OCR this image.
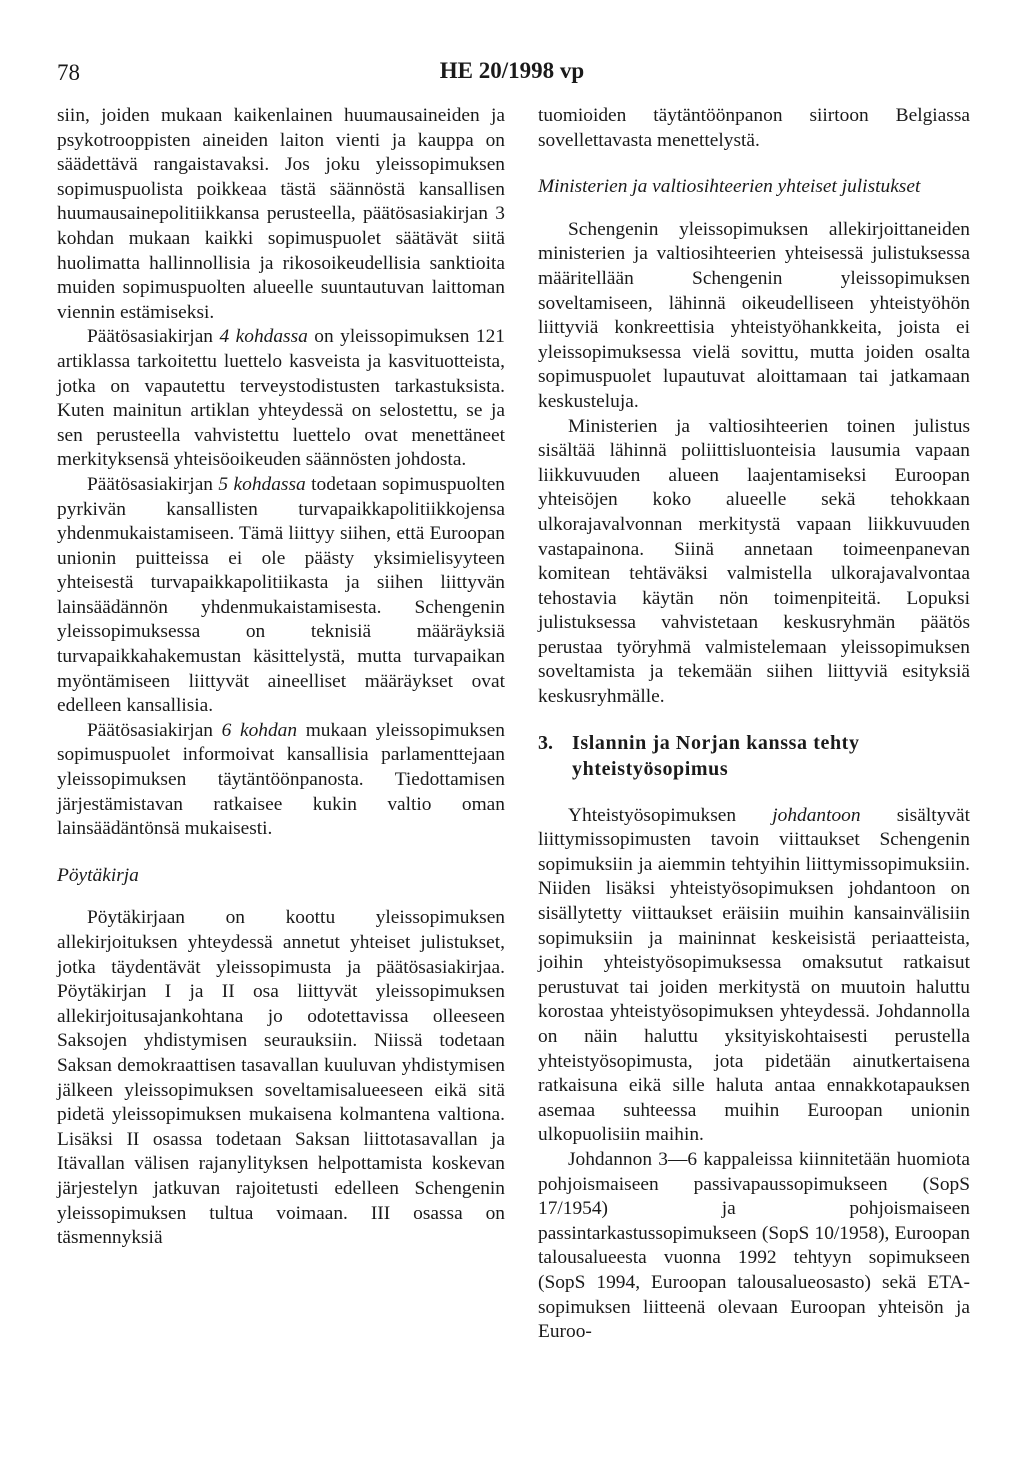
78	HE 20/1998 vp

siin, joiden mukaan kaikenlainen huumausaineiden ja psykotrooppisten aineiden laiton vienti ja kauppa on säädettävä rangaistavaksi. Jos joku yleissopimuksen sopimuspuolista poikkeaa tästä säännöstä kansallisen huumausainepolitiikkansa perusteella, päätösasiakirjan 3 kohdan mukaan kaikki sopimuspuolet säätävät siitä huolimatta hallinnollisia ja rikosoikeudellisia sanktioita muiden sopimuspuolten alueelle suuntautuvan laittoman viennin estämiseksi.

Päätösasiakirjan 4 kohdassa on yleissopimuksen 121 artiklassa tarkoitettu luettelo kasveista ja kasvituotteista, jotka on vapautettu terveystodistusten tarkastuksista. Kuten mainitun artiklan yhteydessä on selostettu, se ja sen perusteella vahvistettu luettelo ovat menettäneet merkityksensä yhteisöoikeuden säännösten johdosta.

Päätösasiakirjan 5 kohdassa todetaan sopimuspuolten pyrkivän kansallisten turvapaikkapolitiikkojensa yhdenmukaistamiseen. Tämä liittyy siihen, että Euroopan unionin puitteissa ei ole päästy yksimielisyyteen yhteisestä turvapaikkapolitiikasta ja siihen liittyvän lainsäädännön yhdenmukaistamisesta. Schengenin yleissopimuksessa on teknisiä määräyksiä turvapaikkahakemustan käsittelystä, mutta turvapaikan myöntämiseen liittyvät aineelliset määräykset ovat edelleen kansallisia.

Päätösasiakirjan 6 kohdan mukaan yleissopimuksen sopimuspuolet informoivat kansallisia parlamenttejaan yleissopimuksen täytäntöönpanosta. Tiedottamisen järjestämistavan ratkaisee kukin valtio oman lainsäädäntönsä mukaisesti.

Pöytäkirja

Pöytäkirjaan on koottu yleissopimuksen allekirjoituksen yhteydessä annetut yhteiset julistukset, jotka täydentävät yleissopimusta ja päätösasiakirjaa. Pöytäkirjan I ja II osa liittyvät yleissopimuksen allekirjoitusajankohtana jo odotettavissa olleeseen Saksojen yhdistymisen seurauksiin. Niissä todetaan Saksan demokraattisen tasavallan kuuluvan yhdistymisen jälkeen yleissopimuksen soveltamisalueeseen eikä sitä pidetä yleissopimuksen mukaisena kolmantena valtiona. Lisäksi II osassa todetaan Saksan liittotasavallan ja Itävallan välisen rajanylityksen helpottamista koskevan järjestelyn jatkuvan rajoitetusti edelleen Schengenin yleissopimuksen tultua voimaan. III osassa on täsmennyksiä

tuomioiden täytäntöönpanon siirtoon Belgiassa sovellettavasta menettelystä.

Ministerien ja valtiosihteerien yhteiset julistukset

Schengenin yleissopimuksen allekirjoittaneiden ministerien ja valtiosihteerien yhteisessä julistuksessa määritellään Schengenin yleissopimuksen soveltamiseen, lähinnä oikeudelliseen yhteistyöhön liittyviä konkreettisia yhteistyöhankkeita, joista ei yleissopimuksessa vielä sovittu, mutta joiden osalta sopimuspuolet lupautuvat aloittamaan tai jatkamaan keskusteluja.

Ministerien ja valtiosihteerien toinen julistus sisältää lähinnä poliittisluonteisia lausumia vapaan liikkuvuuden alueen laajentamiseksi Euroopan yhteisöjen koko alueelle sekä tehokkaan ulkorajavalvonnan merkitystä vapaan liikkuvuuden vastapainona. Siinä annetaan toimeenpanevan komitean tehtäväksi valmistella ulkorajavalvontaa tehostavia käytän nön toimenpiteitä. Lopuksi julistuksessa vahvistetaan keskusryhmän päätös perustaa työryhmä valmistelemaan yleissopimuksen soveltamista ja tekemään siihen liittyviä esityksiä keskusryhmälle.

3. Islannin ja Norjan kanssa tehty yhteistyösopimus

Yhteistyösopimuksen johdantoon sisältyvät liittymissopimusten tavoin viittaukset Schengenin sopimuksiin ja aiemmin tehtyihin liittymissopimuksiin. Niiden lisäksi yhteistyösopimuksen johdantoon on sisällytetty viittaukset eräisiin muihin kansainvälisiin sopimuksiin ja maininnat keskeisistä periaatteista, joihin yhteistyösopimuksessa omaksutut ratkaisut perustuvat tai joiden merkitystä on muutoin haluttu korostaa yhteistyösopimuksen yhteydessä. Johdannolla on näin haluttu yksityiskohtaisesti perustella yhteistyösopimusta, jota pidetään ainutkertaisena ratkaisuna eikä sille haluta antaa ennakkotapauksen asemaa suhteessa muihin Euroopan unionin ulkopuolisiin maihin.

Johdannon 3—6 kappaleissa kiinnitetään huomiota pohjoismaiseen passivapaussopimukseen (SopS 17/1954) ja pohjoismaiseen passintarkastussopimukseen (SopS 10/1958), Euroopan talousalueesta vuonna 1992 tehtyyn sopimukseen (SopS 1994, Euroopan talousalueosasto) sekä ETA-sopimuksen liitteenä olevaan Euroopan yhteisön ja Euroo-
